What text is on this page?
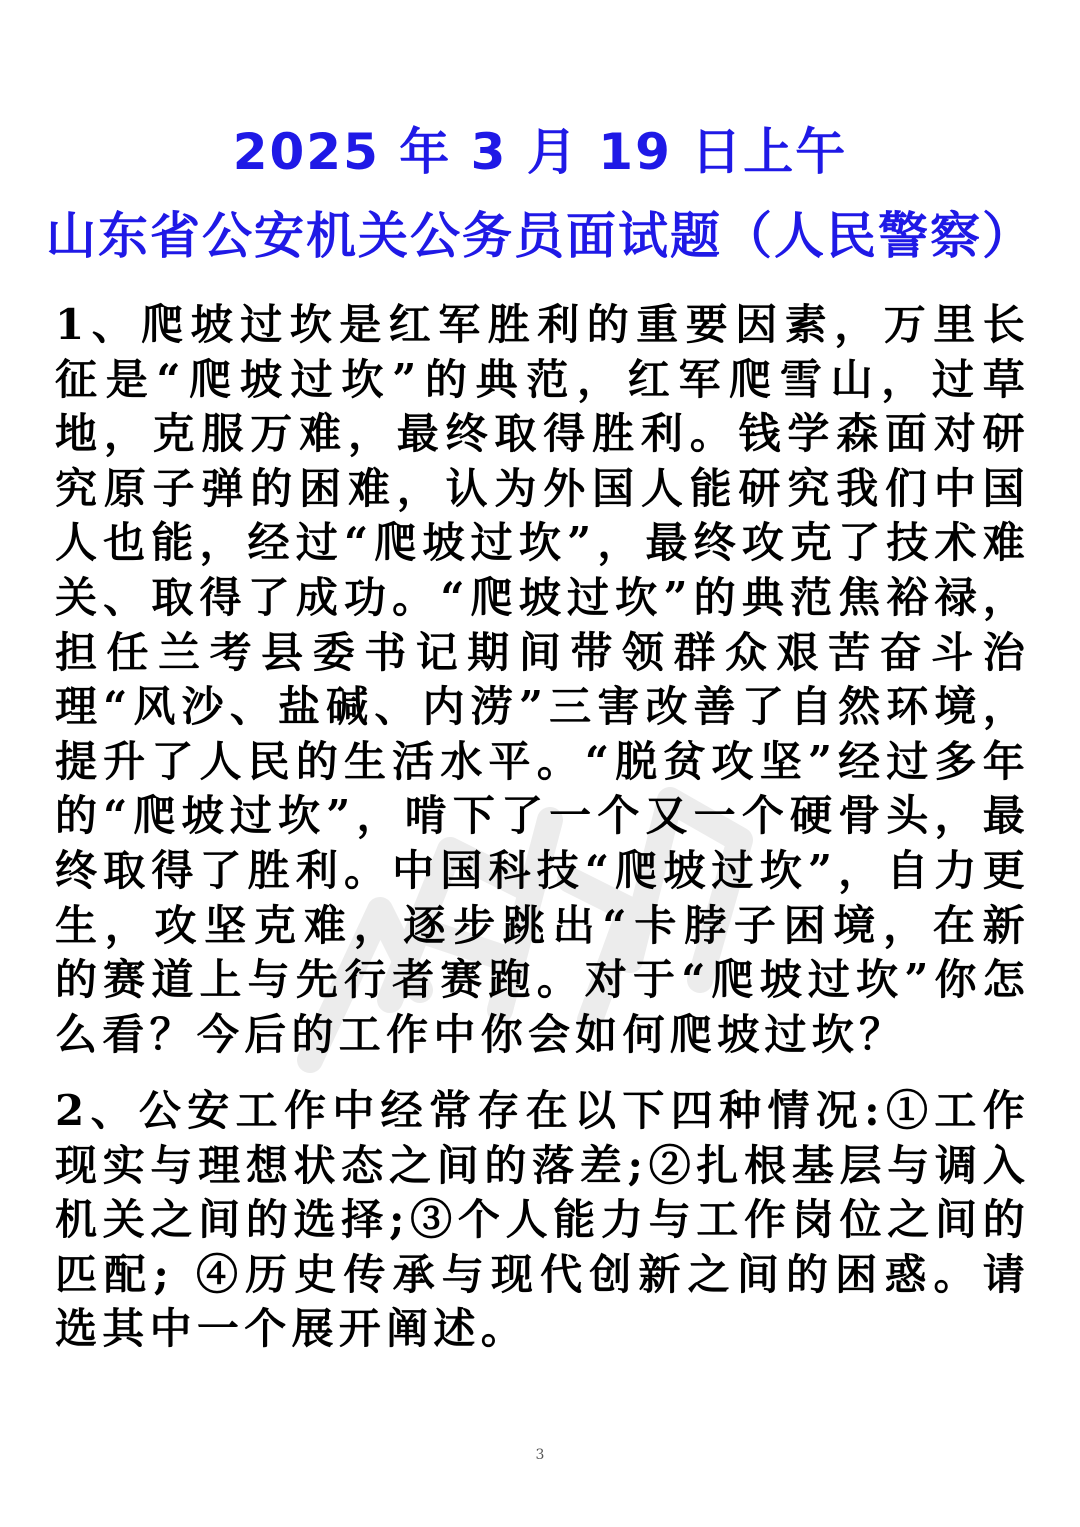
2025 年 3 月 19 日上午
山东省公安机关公务员面试题（人民警察）

1、爬坡过坎是红军胜利的重要因素，万里长征是“爬坡过坎”的典范，红军爬雪山，过草地，克服万难，最终取得胜利。钱学森面对研究原子弹的困难，认为外国人能研究我们中国人也能，经过“爬坡过坎”，最终攻克了技术难关、取得了成功。“爬坡过坎”的典范焦裕禄，担任兰考县委书记期间带领群众艰苦奋斗治理“风沙、盐碱、内涝”三害改善了自然环境，提升了人民的生活水平。“脱贫攻坚”经过多年的“爬坡过坎”，啃下了一个又一个硬骨头，最终取得了胜利。中国科技“爬坡过坎”，自力更生，攻坚克难，逐步跳出“卡脖子困境，在新的赛道上与先行者赛跑。对于“爬坡过坎”你怎么看？今后的工作中你会如何爬坡过坎？

2、公安工作中经常存在以下四种情况:①工作现实与理想状态之间的落差;②扎根基层与调入机关之间的选择;③个人能力与工作岗位之间的匹配; ④历史传承与现代创新之间的困惑。请选其中一个展开阐述。

3
